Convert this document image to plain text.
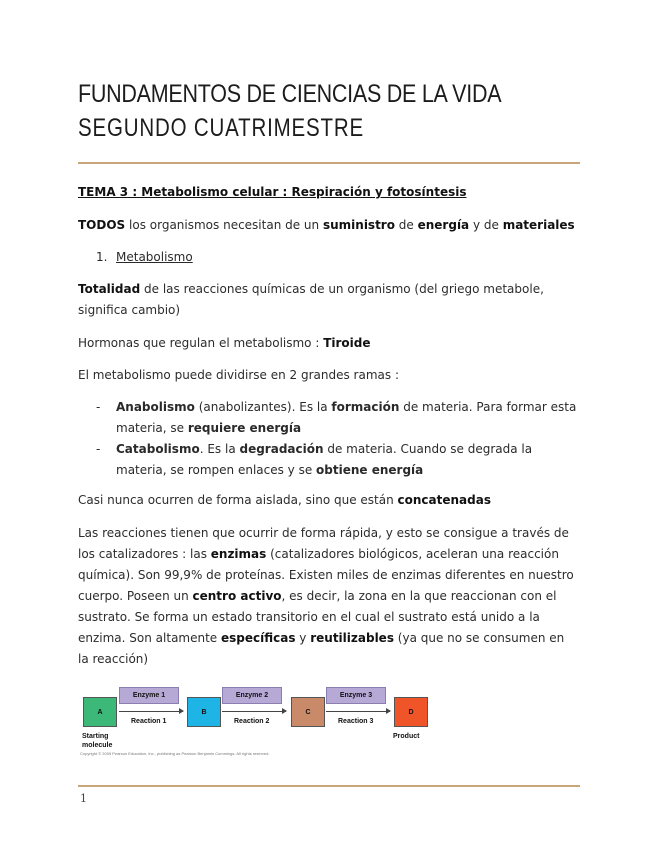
FUNDAMENTOS DE CIENCIAS DE LA VIDA
SEGUNDO CUATRIMESTRE
TEMA 3 : Metabolismo celular : Respiración y fotosíntesis
TODOS los organismos necesitan de un suministro de energía y de materiales
1. Metabolismo
Totalidad de las reacciones químicas de un organismo (del griego metabole, significa cambio)
Hormonas que regulan el metabolismo : Tiroide
El metabolismo puede dividirse en 2 grandes ramas :
- Anabolismo (anabolizantes). Es la formación de materia. Para formar esta materia, se requiere energía
- Catabolismo. Es la degradación de materia. Cuando se degrada la materia, se rompen enlaces y se obtiene energía
Casi nunca ocurren de forma aislada, sino que están concatenadas
Las reacciones tienen que ocurrir de forma rápida, y esto se consigue a través de los catalizadores : las enzimas (catalizadores biológicos, aceleran una reacción química). Son 99,9% de proteínas. Existen miles de enzimas diferentes en nuestro cuerpo. Poseen un centro activo, es decir, la zona en la que reaccionan con el sustrato. Se forma un estado transitorio en el cual el sustrato está unido a la enzima. Son altamente específicas y reutilizables (ya que no se consumen en la reacción)
A	B	C	D
Enzyme 1	Enzyme 2	Enzyme 3
Reaction 1	Reaction 2	Reaction 3
Starting molecule
Product
Copyright © 2009 Pearson Education, Inc., publishing as Pearson Benjamin Cummings. All rights reserved.
1
